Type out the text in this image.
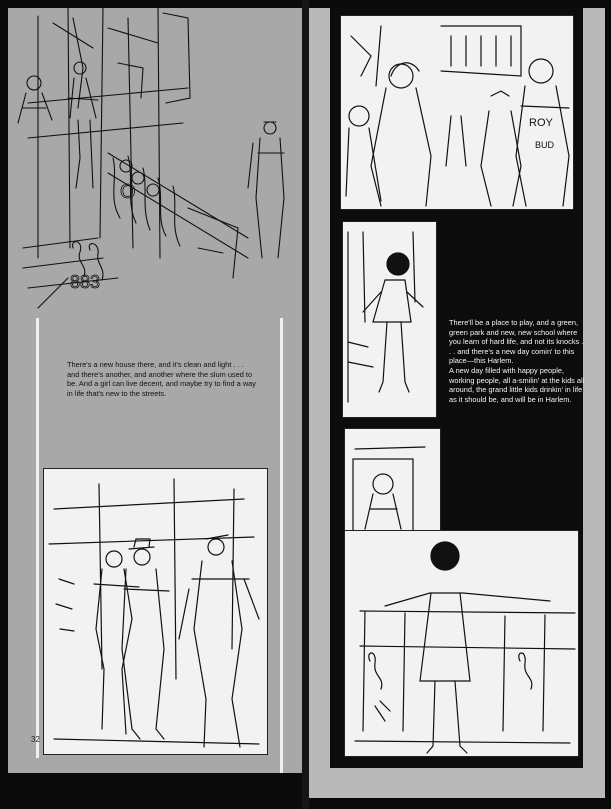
883
O
There's a new house there, and it's clean and light . . . and there's another, and another where the slum used to be. And a girl can live decent, and maybe try to find a way in life that's new to the streets.
32
ROY
BUD
There'll be a place to play, and a green, green park and new, new school where you learn of hard life, and not its knocks . . . and there's a new day comin' to this place—this Harlem.
A new day filled with happy people, working people, all a-smilin' at the kids all around, the grand little kids drinkin' in life as it should be, and will be in Harlem.
